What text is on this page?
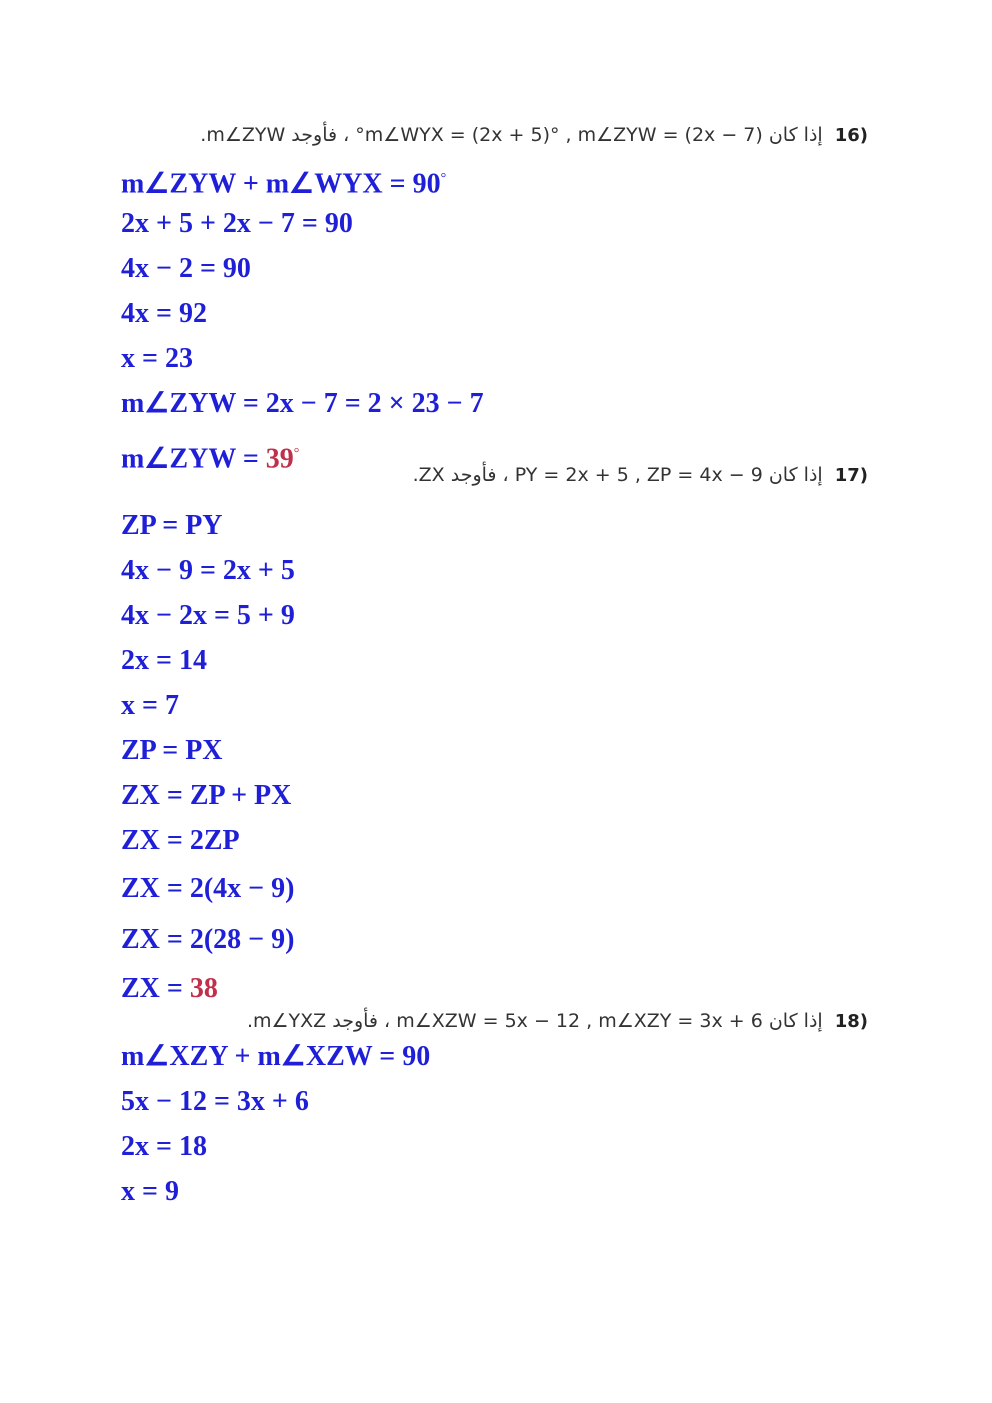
(16
إذا كان m∠WYX = (2x + 5)° , m∠ZYW = (2x − 7)° ، فأوجد m∠ZYW.
m∠ZYW + m∠WYX = 90°
2x + 5 + 2x − 7 = 90
4x − 2 = 90
4x = 92
x = 23
m∠ZYW = 2x − 7 = 2 × 23 − 7
m∠ZYW = 39°
(17
إذا كان PY = 2x + 5 , ZP = 4x − 9 ، فأوجد ZX.
ZP = PY
4x − 9 = 2x + 5
4x − 2x = 5 + 9
2x = 14
x = 7
ZP = PX
ZX = ZP + PX
ZX = 2ZP
ZX = 2(4x − 9)
ZX = 2(28 − 9)
ZX = 38
(18
إذا كان m∠XZW = 5x − 12 , m∠XZY = 3x + 6 ، فأوجد m∠YXZ.
m∠XZY + m∠XZW = 90
5x − 12 = 3x + 6
2x = 18
x = 9
